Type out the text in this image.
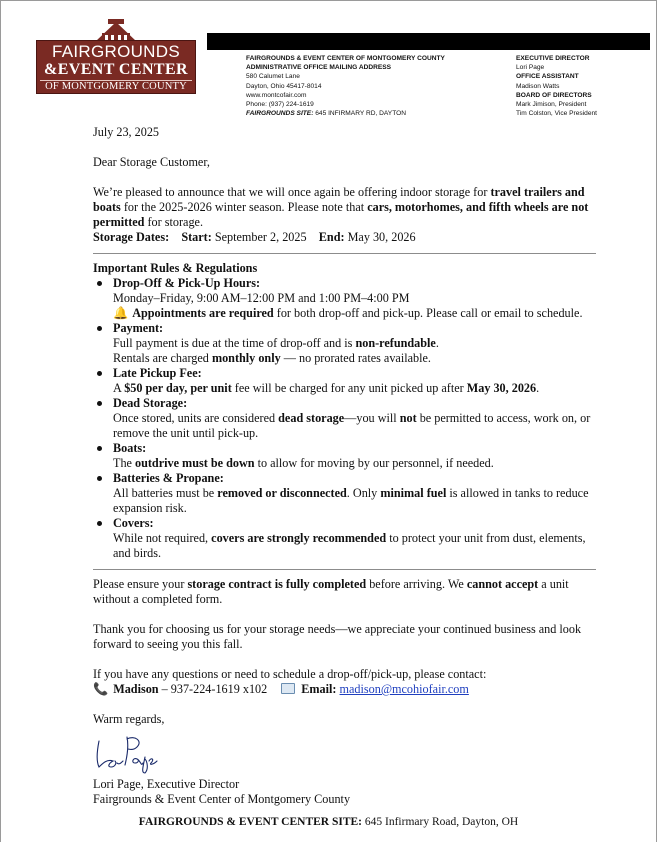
FAIRGROUNDS
&EVENT CENTER
OF MONTGOMERY COUNTY
FAIRGROUNDS & EVENT CENTER OF MONTGOMERY COUNTY
ADMINISTRATIVE OFFICE MAILING ADDRESS
580 Calumet Lane
Dayton, Ohio 45417-8014
www.montcofair.com
Phone: (937) 224-1619
FAIRGROUNDS SITE: 645 INFIRMARY RD, DAYTON
EXECUTIVE DIRECTOR
Lori Page
OFFICE ASSISTANT
Madison Watts
BOARD OF DIRECTORS
Mark Jimison, President
Tim Colston, Vice President

July 23, 2025

Dear Storage Customer,

We’re pleased to announce that we will once again be offering indoor storage for travel trailers and boats for the 2025-2026 winter season. Please note that cars, motorhomes, and fifth wheels are not permitted for storage.

Storage Dates: Start: September 2, 2025 End: May 30, 2026

Important Rules & Regulations
Drop-Off & Pick-Up Hours:
Monday–Friday, 9:00 AM–12:00 PM and 1:00 PM–4:00 PM
🔔 Appointments are required for both drop-off and pick-up. Please call or email to schedule.
Payment:
Full payment is due at the time of drop-off and is non-refundable.
Rentals are charged monthly only — no prorated rates available.
Late Pickup Fee:
A $50 per day, per unit fee will be charged for any unit picked up after May 30, 2026.
Dead Storage:
Once stored, units are considered dead storage—you will not be permitted to access, work on, or remove the unit until pick-up.
Boats:
The outdrive must be down to allow for moving by our personnel, if needed.
Batteries & Propane:
All batteries must be removed or disconnected. Only minimal fuel is allowed in tanks to reduce expansion risk.
Covers:
While not required, covers are strongly recommended to protect your unit from dust, elements, and birds.

Please ensure your storage contract is fully completed before arriving. We cannot accept a unit without a completed form.

Thank you for choosing us for your storage needs—we appreciate your continued business and look forward to seeing you this fall.

If you have any questions or need to schedule a drop-off/pick-up, please contact:

📞 Madison – 937-224-1619 x102	Email: madison@mcohiofair.com

Warm regards,

Lori Page, Executive Director

Fairgrounds & Event Center of Montgomery County

FAIRGROUNDS & EVENT CENTER SITE: 645 Infirmary Road, Dayton, OH
